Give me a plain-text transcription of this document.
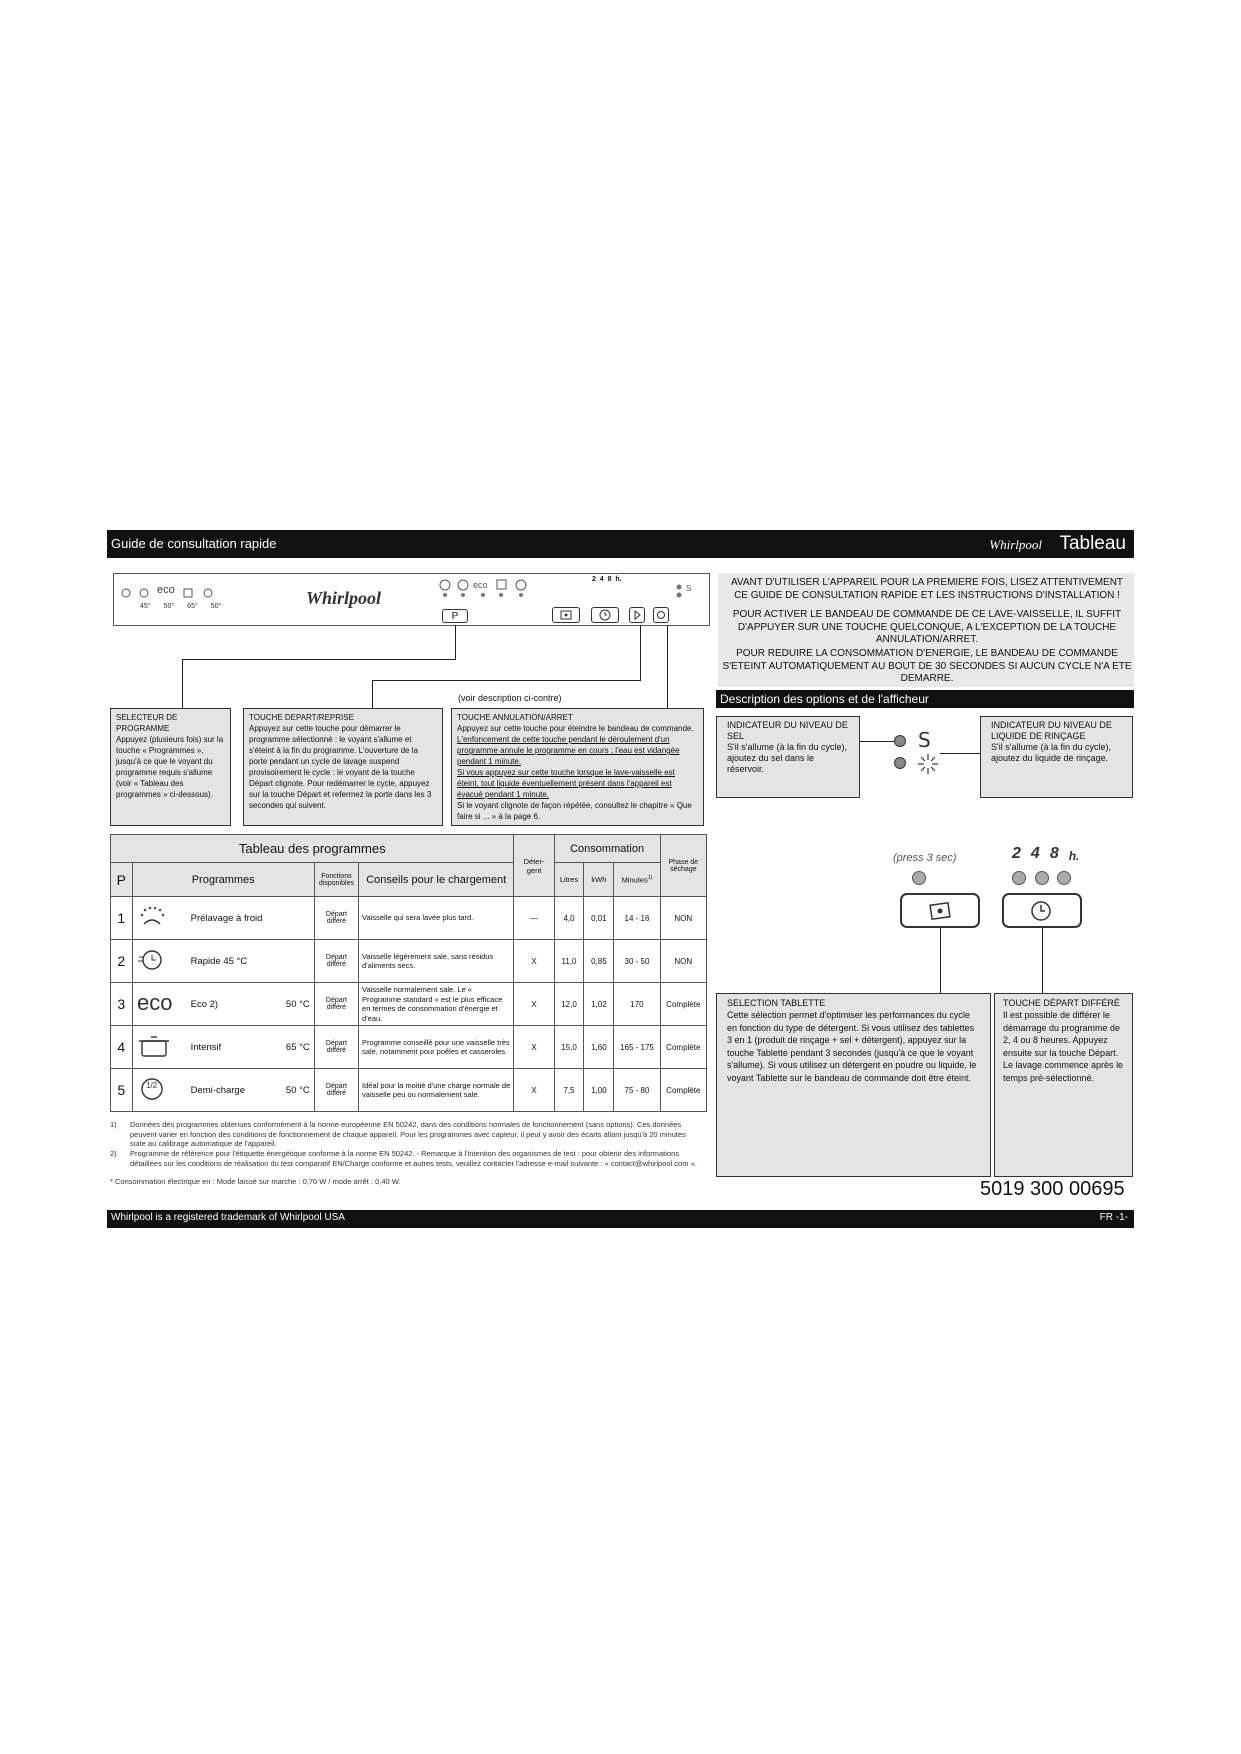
Guide de consultation rapide	Whirlpool Tableau
eco
45° 50° 65° 50°	Whirlpool
eco
P
2  4  8  h.
S
AVANT D'UTILISER L'APPAREIL POUR LA PREMIERE FOIS, LISEZ ATTENTIVEMENT CE GUIDE DE CONSULTATION RAPIDE ET LES INSTRUCTIONS D'INSTALLATION !
POUR ACTIVER LE BANDEAU DE COMMANDE DE CE LAVE-VAISSELLE, IL SUFFIT D'APPUYER SUR UNE TOUCHE QUELCONQUE, A L'EXCEPTION DE LA TOUCHE ANNULATION/ARRET.
POUR REDUIRE LA CONSOMMATION D'ENERGIE, LE BANDEAU DE COMMANDE S'ETEINT AUTOMATIQUEMENT AU BOUT DE 30 SECONDES SI AUCUN CYCLE N'A ETE DEMARRE.
(voir description ci-contre)
SELECTEUR DE PROGRAMME
Appuyez (plusieurs fois) sur la touche « Programmes », jusqu'à ce que le voyant du programme requis s'allume (voir « Tableau des programmes » ci-dessous).
TOUCHE DEPART/REPRISE
Appuyez sur cette touche pour démarrer le programme sélectionné : le voyant s'allume et s'éteint à la fin du programme. L'ouverture de la porte pendant un cycle de lavage suspend provisoirement le cycle : le voyant de la touche Départ clignote. Pour redémarrer le cycle, appuyez sur la touche Départ et refermez la porte dans les 3 secondes qui suivent.
TOUCHE ANNULATION/ARRET
Appuyez sur cette touche pour éteindre le bandeau de commande.
L'enfoncement de cette touche pendant le déroulement d'un programme annule le programme en cours ; l'eau est vidangée pendant 1 minute.
Si vous appuyez sur cette touche lorsque le lave-vaisselle est éteint, tout liquide éventuellement présent dans l'appareil est évacué pendant 1 minute.
Si le voyant clignote de façon répétée, consultez le chapitre « Que faire si ... » à la page 6.
Description des options et de l'afficheur
INDICATEUR DU NIVEAU DE SEL
S'il s'allume (à la fin du cycle), ajoutez du sel dans le réservoir.
INDICATEUR DU NIVEAU DE LIQUIDE DE RINÇAGE
S'il s'allume (à la fin du cycle), ajoutez du liquide de rinçage.
S
(press 3 sec)	2 4 8 h.
SELECTION TABLETTE
Cette sélection permet d'optimiser les performances du cycle en fonction du type de détergent. Si vous utilisez des tablettes 3 en 1 (produit de rinçage + sel + détergent), appuyez sur la touche Tablette pendant 3 secondes (jusqu'à ce que le voyant s'allume). Si vous utilisez un détergent en poudre ou liquide, le voyant Tablette sur le bandeau de commande doit être éteint.
TOUCHE DÉPART DIFFÉRÉ
Il est possible de différer le démarrage du programme de 2, 4 ou 8 heures. Appuyez ensuite sur la touche Départ. Le lavage commence après le temps pré-sélectionné.
Tableau des programmes				Déter-gent	Consommation			Phase de séchage
P	Programmes	Fonctions disponibles	Conseils pour le chargement		Litres	kWh	Minutes$^{1)}$
1	Prélavage à froid	Départ différé	Vaisselle qui sera lavée plus tard.	—	4,0	0,01	14 - 16	NON
2	Rapide 45 °C	Départ différé	Vaisselle légèrement sale, sans résidus d'aliments secs.	X	11,0	0,85	30 - 50	NON
3	eco Eco 2) 50 °C	Départ différé	Vaisselle normalement sale. Le « Programme standard » est le plus efficace en termes de consommation d'énergie et d'eau.	X	12,0	1,02	170	Complète
4	Intensif 65 °C	Départ différé	Programme conseillé pour une vaisselle très sale, notamment pour poêles et casseroles.	X	15,0	1,60	165 - 175	Complète
5	1/2 Demi-charge 50 °C	Départ différé	Idéal pour la moitié d'une charge normale de vaisselle peu ou normalement sale.	X	7,5	1,00	75 - 80	Complète
1) Données des programmes obtenues conformément à la norme européenne EN 50242, dans des conditions normales de fonctionnement (sans options). Ces données peuvent varier en fonction des conditions de fonctionnement de chaque appareil. Pour les programmes avec capteur, il peut y avoir des écarts allant jusqu'à 20 minutes suite au calibrage automatique de l'appareil.
2) Programme de référence pour l'étiquette énergétique conforme à la norme EN 50242. - Remarque à l'intention des organismes de test : pour obtenir des informations détaillées sur les conditions de réalisation du test comparatif EN/Charge conforme et autres tests, veuillez contacter l'adresse e-mail suivante : « contact@whirlpool.com ».
* Consommation électrique en : Mode laissé sur marche : 0,70 W / mode arrêt : 0,40 W.	5019 300 00695
Whirlpool is a registered trademark of Whirlpool USA	FR -1-
